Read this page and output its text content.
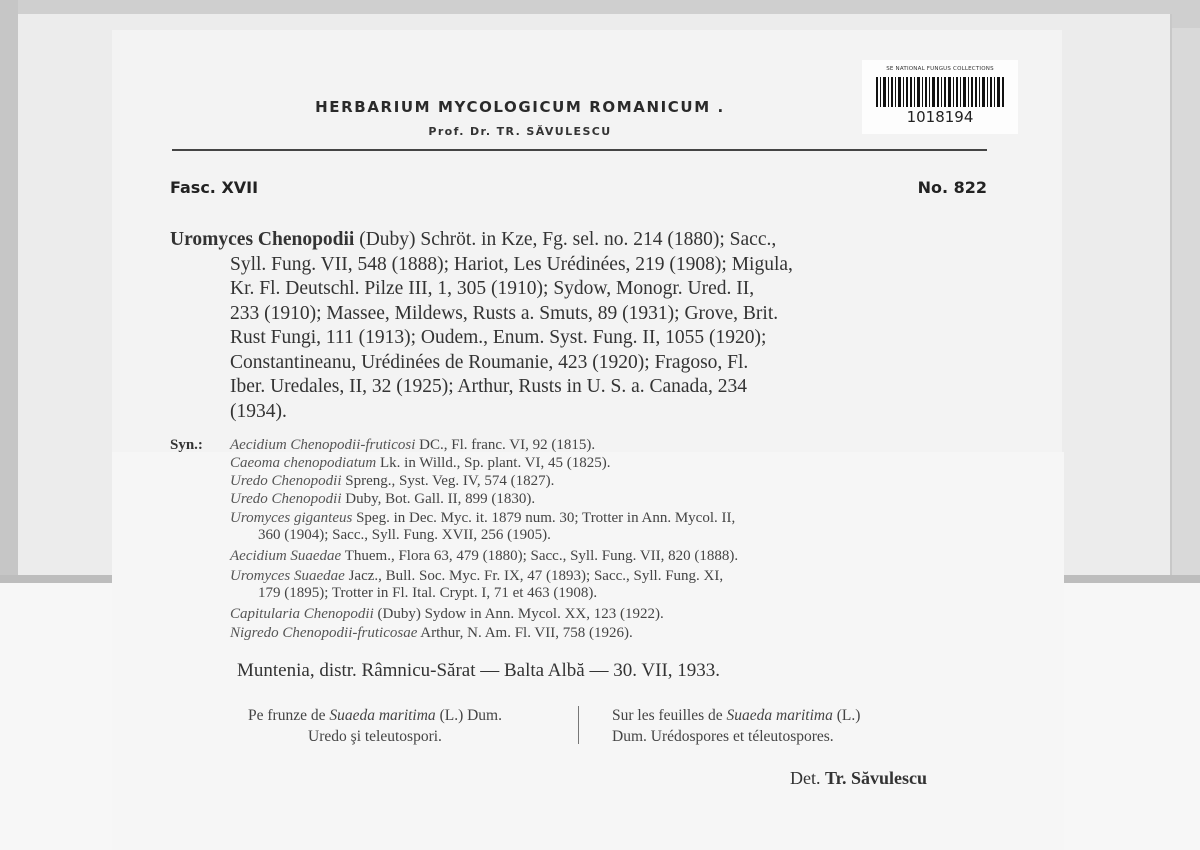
HERBARIUM MYCOLOGICUM ROMANICUM .
Prof. Dr. TR. SĂVULESCU
SE NATIONAL FUNGUS COLLECTIONS
1018194
Fasc. XVII	No. 822
Uromyces Chenopodii (Duby) Schröt. in Kze, Fg. sel. no. 214 (1880); Sacc.,
Syll. Fung. VII, 548 (1888); Hariot, Les Urédinées, 219 (1908); Migula,
Kr. Fl. Deutschl. Pilze III, 1, 305 (1910); Sydow, Monogr. Ured. II,
233 (1910); Massee, Mildews, Rusts a. Smuts, 89 (1931); Grove, Brit.
Rust Fungi, 111 (1913); Oudem., Enum. Syst. Fung. II, 1055 (1920);
Constantineanu, Urédinées de Roumanie, 423 (1920); Fragoso, Fl.
Iber. Uredales, II, 32 (1925); Arthur, Rusts in U. S. a. Canada, 234
(1934).
Syn.: Aecidium Chenopodii-fruticosi DC., Fl. franc. VI, 92 (1815).
Caeoma chenopodiatum Lk. in Willd., Sp. plant. VI, 45 (1825).
Uredo Chenopodii Spreng., Syst. Veg. IV, 574 (1827).
Uredo Chenopodii Duby, Bot. Gall. II, 899 (1830).
Uromyces giganteus Speg. in Dec. Myc. it. 1879 num. 30; Trotter in Ann. Mycol. II,
360 (1904); Sacc., Syll. Fung. XVII, 256 (1905).
Aecidium Suaedae Thuem., Flora 63, 479 (1880); Sacc., Syll. Fung. VII, 820 (1888).
Uromyces Suaedae Jacz., Bull. Soc. Myc. Fr. IX, 47 (1893); Sacc., Syll. Fung. XI,
179 (1895); Trotter in Fl. Ital. Crypt. I, 71 et 463 (1908).
Capitularia Chenopodii (Duby) Sydow in Ann. Mycol. XX, 123 (1922).
Nigredo Chenopodii-fruticosae Arthur, N. Am. Fl. VII, 758 (1926).
Muntenia, distr. Râmnicu-Sărat — Balta Albă — 30. VII, 1933.
Pe frunze de Suaeda maritima (L.) Dum.
Uredo şi teleutospori.
Sur les feuilles de Suaeda maritima (L.)
Dum. Urédospores et téleutospores.
Det. Tr. Săvulescu
